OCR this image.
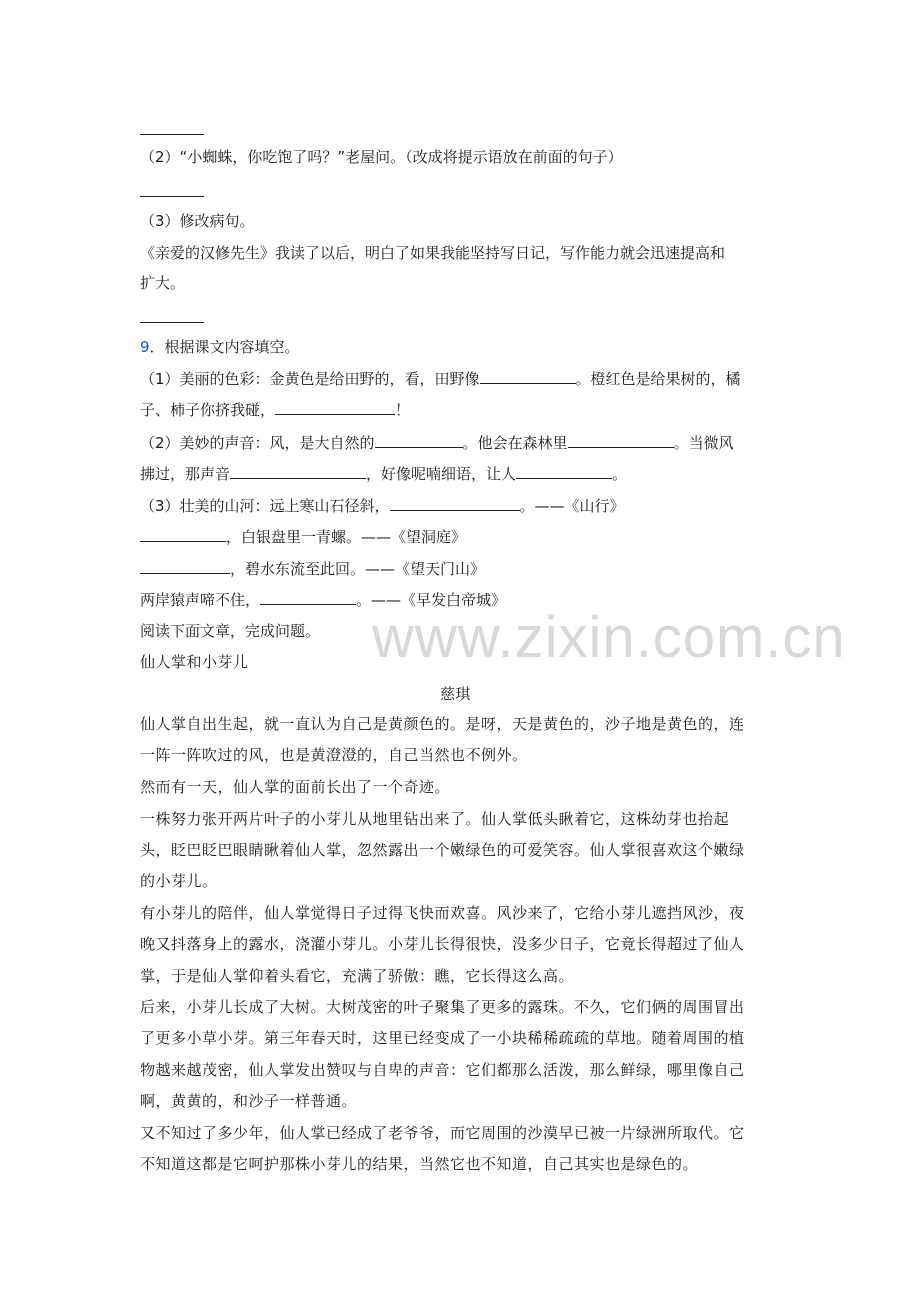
（2）“小蜘蛛，你吃饱了吗？”老屋问。（改成将提示语放在前面的句子）
（3）修改病句。
《亲爱的汉修先生》我读了以后，明白了如果我能坚持写日记，写作能力就会迅速提高和
扩大。
9．根据课文内容填空。
（1）美丽的色彩：金黄色是给田野的，看，田野像	。橙红色是给果树的，橘
子、柿子你挤我碰，	！
（2）美妙的声音：风，是大自然的	。他会在森林里	。当微风
拂过，那声音	，好像呢喃细语，让人	。
（3）壮美的山河：远上寒山石径斜，	。——《山行》
，白银盘里一青螺。——《望洞庭》
，碧水东流至此回。——《望天门山》
两岸猿声啼不住，	。——《早发白帝城》
阅读下面文章，完成问题。
仙人掌和小芽儿
慈琪
仙人掌自出生起，就一直认为自己是黄颜色的。是呀，天是黄色的，沙子地是黄色的，连
一阵一阵吹过的风，也是黄澄澄的，自己当然也不例外。
然而有一天，仙人掌的面前长出了一个奇迹。
一株努力张开两片叶子的小芽儿从地里钻出来了。仙人掌低头瞅着它，这株幼芽也抬起
头，眨巴眨巴眼睛瞅着仙人掌，忽然露出一个嫩绿色的可爱笑容。仙人掌很喜欢这个嫩绿
的小芽儿。
有小芽儿的陪伴，仙人掌觉得日子过得飞快而欢喜。风沙来了，它给小芽儿遮挡风沙，夜
晚又抖落身上的露水，浇灌小芽儿。小芽儿长得很快，没多少日子，它竟长得超过了仙人
掌，于是仙人掌仰着头看它，充满了骄傲：瞧，它长得这么高。
后来，小芽儿长成了大树。大树茂密的叶子聚集了更多的露珠。不久，它们俩的周围冒出
了更多小草小芽。第三年春天时，这里已经变成了一小块稀稀疏疏的草地。随着周围的植
物越来越茂密，仙人掌发出赞叹与自卑的声音：它们都那么活泼，那么鲜绿，哪里像自己
啊，黄黄的，和沙子一样普通。
又不知过了多少年，仙人掌已经成了老爷爷，而它周围的沙漠早已被一片绿洲所取代。它
不知道这都是它呵护那株小芽儿的结果，当然它也不知道，自己其实也是绿色的。
www.zixin.com.cn
